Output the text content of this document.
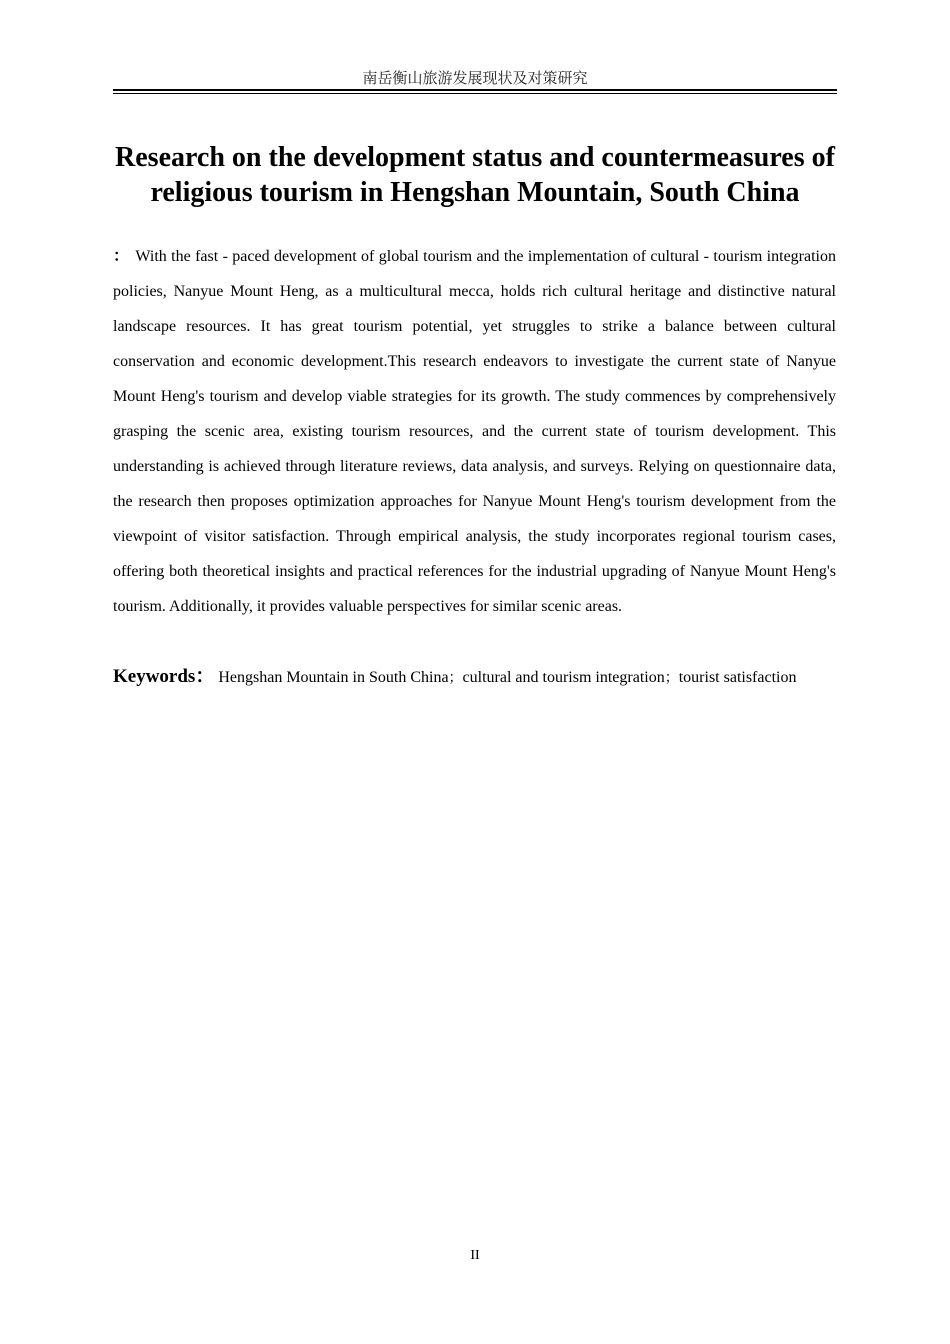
南岳衡山旅游发展现状及对策研究
Research on the development status and countermeasures of religious tourism in Hengshan Mountain, South China

： With the fast - paced development of global tourism and the implementation of cultural - tourism integration policies, Nanyue Mount Heng, as a multicultural mecca, holds rich cultural heritage and distinctive natural landscape resources. It has great tourism potential, yet struggles to strike a balance between cultural conservation and economic development.This research endeavors to investigate the current state of Nanyue Mount Heng's tourism and develop viable strategies for its growth. The study commences by comprehensively grasping the scenic area, existing tourism resources, and the current state of tourism development. This understanding is achieved through literature reviews, data analysis, and surveys. Relying on questionnaire data, the research then proposes optimization approaches for Nanyue Mount Heng's tourism development from the viewpoint of visitor satisfaction. Through empirical analysis, the study incorporates regional tourism cases, offering both theoretical insights and practical references for the industrial upgrading of Nanyue Mount Heng's tourism. Additionally, it provides valuable perspectives for similar scenic areas.

Keywords： Hengshan Mountain in South China；cultural and tourism integration；tourist satisfaction

II
